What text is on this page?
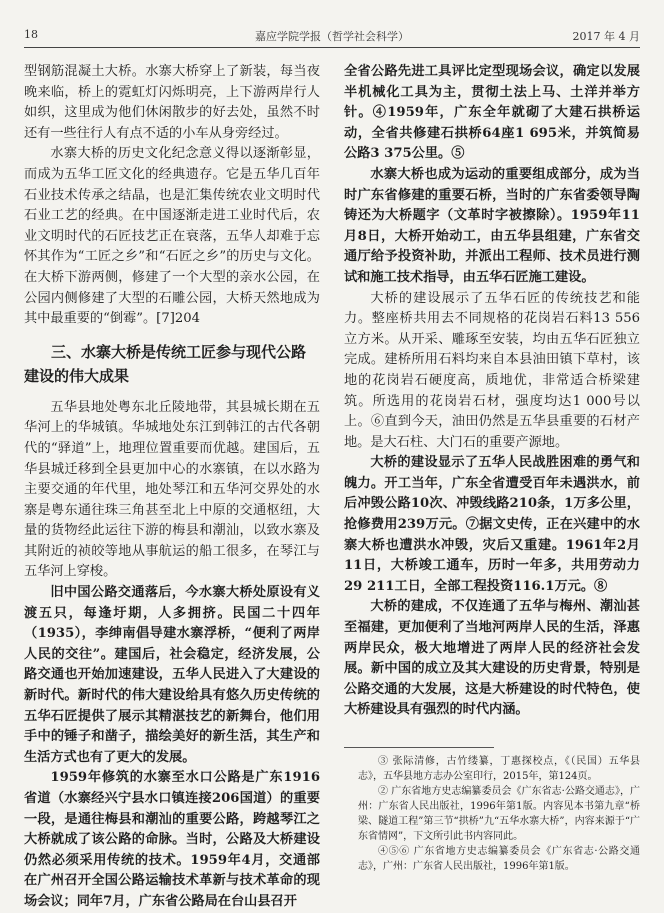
18	嘉应学院学报（哲学社会科学）	2017 年 4 月

型钢筋混凝土大桥。水寨大桥穿上了新装，每当夜晚来临，桥上的霓虹灯闪烁明亮，上下游两岸行人如织，这里成为他们休闲散步的好去处，虽然不时还有一些往行人有点不适的小车从身旁经过。

水寨大桥的历史文化纪念意义得以逐渐彰显，而成为五华工匠文化的经典遗存。它是五华几百年石业技术传承之结晶，也是汇集传统农业文明时代石业工艺的经典。在中国逐渐走进工业时代后，农业文明时代的石匠技艺正在衰落，五华人却难于忘怀其作为“工匠之乡”和“石匠之乡”的历史与文化。在大桥下游两侧，修建了一个大型的亲水公园，在公园内侧修建了大型的石雕公园，大桥天然地成为其中最重要的“倒霉”。[7]204

三、水寨大桥是传统工匠参与现代公路建设的伟大成果

五华县地处粤东北丘陵地带，其县城长期在五华河上的华城镇。华城地处东江到韩江的古代各朝代的“驿道”上，地理位置重要而优越。建国后，五华县城迁移到全县更加中心的水寨镇，在以水路为主要交通的年代里，地处琴江和五华河交界处的水寨是粤东通往珠三角甚至北上中原的交通枢纽，大量的货物经此运往下游的梅县和潮汕，以致水寨及其附近的祯皎等地从事航运的船工很多，在琴江与五华河上穿梭。

旧中国公路交通落后，今水寨大桥处原设有义渡五只，每逢圩期，人多拥挤。民国二十四年（1935），李绅南倡导建水寨浮桥，“便利了两岸人民的交往”。建国后，社会稳定，经济发展，公路交通也开始加速建设，五华人民进入了大建设的新时代。新时代的伟大建设给具有悠久历史传统的五华石匠提供了展示其精湛技艺的新舞台，他们用手中的锤子和凿子，描绘美好的新生活，其生产和生活方式也有了更大的发展。

1959年修筑的水寨至水口公路是广东1916省道（水寨经兴宁县水口镇连接206国道）的重要一段，是通往梅县和潮汕的重要公路，跨越琴江之大桥就成了该公路的命脉。当时，公路及大桥建设仍然必须采用传统的技术。1959年4月，交通部在广州召开全国公路运输技术革新与技术革命的现场会议；同年7月，广东省公路局在台山县召开

全省公路先进工具评比定型现场会议，确定以发展半机械化工具为主，贯彻土法上马、土洋并举方针。④1959年，广东全年就砌了大建石拱桥运动，全省共修建石拱桥64座1 695米，并筑简易公路3 375公里。⑤

水寨大桥也成为运动的重要组成部分，成为当时广东省修建的重要石桥，当时的广东省委领导陶铸还为大桥题字（文革时字被擦除）。1959年11月8日，大桥开始动工，由五华县组建，广东省交通厅给予投资补助，并派出工程师、技术员进行测试和施工技术指导，由五华石匠施工建设。

大桥的建设展示了五华石匠的传统技艺和能力。整座桥共用去不同规格的花岗岩石料13 556立方米。从开采、雕琢至安装，均由五华石匠独立完成。建桥所用石料均来自本县油田镇下草村，该地的花岗岩石硬度高，质地优，非常适合桥梁建筑。所选用的花岗岩石材，强度均达1 000号以上。⑥直到今天，油田仍然是五华县重要的石材产地。是大石柱、大门石的重要产源地。

大桥的建设显示了五华人民战胜困难的勇气和魄力。开工当年，广东全省遭受百年未遇洪水，前后冲毁公路10次、冲毁线路210条，1万多公里，抢修费用239万元。⑦据文史传，正在兴建中的水寨大桥也遭洪水冲毁，灾后又重建。1961年2月11日，大桥竣工通车，历时一年多，共用劳动力29 211工日，全部工程投资116.1万元。⑧

大桥的建成，不仅连通了五华与梅州、潮汕甚至福建，更加便利了当地河两岸人民的生活，泽惠两岸民众，极大地增进了两岸人民的经济社会发展。新中国的成立及其大建设的历史背景，特别是公路交通的大发展，这是大桥建设的时代特色，使大桥建设具有强烈的时代内涵。

③ 张际清修，古竹缕纂，丁惠探校点，《（民国）五华县志》，五华县地方志办公室印行，2015年，第124页。

② 广东省地方史志编纂委员会《广东省志·公路交通志》，广州：广东省人民出版社，1996年第1版。内容见本书第九章“桥梁、隧道工程”第三节“拱桥”九“五华水寨大桥”，内容来源于“广东省情网”，下文所引此书内容同此。

④⑤⑥ 广东省地方史志编纂委员会《广东省志·公路交通志》，广州：广东省人民出版社，1996年第1版。
